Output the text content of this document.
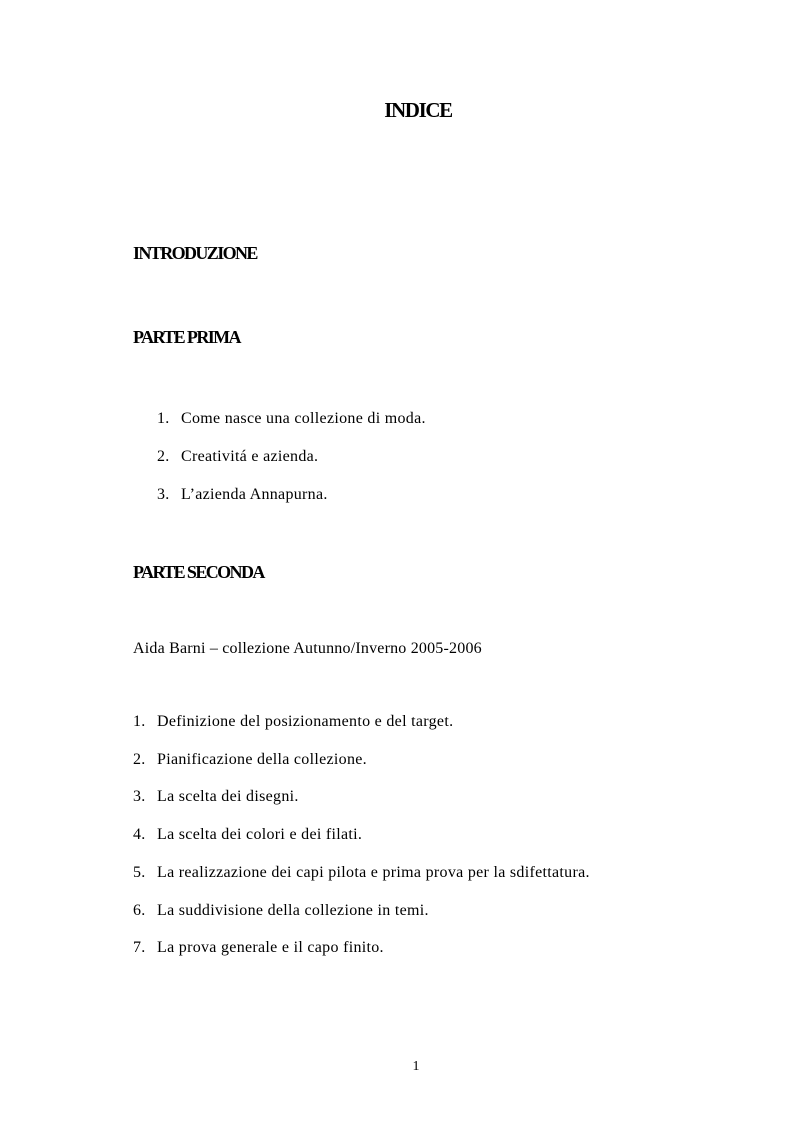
INDICE
INTRODUZIONE
PARTE PRIMA
1. Come nasce una collezione di moda.
2. Creativitá e azienda.
3. L’azienda Annapurna.
PARTE SECONDA
Aida Barni – collezione Autunno/Inverno 2005-2006
1. Definizione del posizionamento e del target.
2. Pianificazione della collezione.
3. La scelta dei disegni.
4. La scelta dei colori e dei filati.
5. La realizzazione dei capi pilota e prima prova per la sdifettatura.
6. La suddivisione della collezione in temi.
7. La prova generale e il capo finito.
1
